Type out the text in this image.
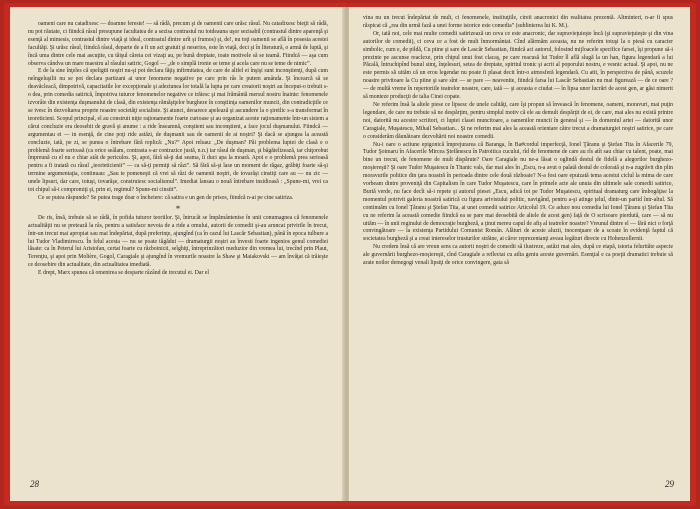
oameni care nu catadixesc — doamne fereste! — să râdă, precum şi de oamenii care urăsc râsul. Nu catadixesc bieţii să râdă, nu pot răutate, ci fiindcă râsul presupune facultatea de a sezisa contrastul nu totdeauna uşor sezisabil (contrastul dintre aparenţă şi esenţă al mimesis, contrastul dintre viaţă şi ideal, contrastul dintre urît şi frumos) şi, de!, nu toţi oamenii se află în posesia acestei facultăţi. Şi urăsc râsul, fiindcă râsul, departe de a fi un act gratuit şi neserios, este în viaţă, deci şi în literatură, o armă de luptă, şi încă uma dintre cele mai ascuţite, cu tăişul căreia cei vizaţi au, pe bună dreptate, toate motivele să se teamă. Fiindcă — aşa cum observa cândva un mare maestru al râsului satiric, Gogol — „de o simplă ironie se teme şi acela care nu se teme de nimic”.

E de la sine înţeles că speligtii noştri nu-şi pot declara făţiş infirmitatea, de care de altfel ei înşişi sunt inconştienţi, după cum neîngeluşilii nu se pot declara partizani ai unor fenomene negative pe care prin râs le putem amânda. Şi încearcă să se deavăcleacă, dimpotrivă, capacitatile lor excepţionale şi adeziunea lor totală la lupta pe care creatorii noştri au început-o trebuit s-o dea, prin comedia satirică, împotriva tuturor fenomenelor negative ce trăiesc şi mai frământă mersul nostru înainte: fenomenele izvorâte din existenţa duşmanului de clasă, din existenţa rămăşiţelor burgheze în conştiinţa oamenilor muncii, din contradicţiile ce se ivesc în dezvoltarea proprie noastre societăţi socialiste. Şi atunci, deoarece apelează şi ascundere la o şiretlic s-a transformat în teoreticieni. Scopul principal, el au construit niţte raţionamente foarte curioase şi au organizat aceste raţionamente într-un sistem a cărui concluzie era deosebit de gravă şi anume : a ride înseamnă, conştient sau inconştient, a face jocul duşmanului. Fiindcă — argumentau ei — in esenţă, de cine poţi ride astăzi, de duşmanii sau de oamenii de ai noştri? Şi dacă se ajungea la această concluzie, iată, pe zi, se punea o întrebare fără replică: „Nu?” Apoi reluau: „De duşman? Păi problema luptei de clasă e o problemă foarte serioasă (ca orice seâlam, contrasta s-ar contrazice justă, n.n.) iar râsul de duşman, şi băgătelizează, iar chiţorobut împreună cu el nu e chiar atât de periculos. Şi, apoi, fără să-ţi dai seama, îi duci apa la moară. Apoi e o problemă prea serioasă pentru a fi tratată cu râsul „teorieticienii” — ca să-ţi permiţi să râzi”. Să fără să-şi lase un moment de răgaz, grăbiţi foarte să-şi termine argumentaţia, continuau: „Sau te pomeneşti că vrei să râzi de oamenii noştri, de tovarăşi cinstiţi care au — nu zic — unele lipsuri, dar care, totuşi, tovarăşe, construiesc socialismul”. Imediat lansau o nouă întrebare insidioasă : „Spune-mi, vrei ca tot chipul să-i compromiţi şi, prin ei, regimul? Spune-mi cinstit”.

Ce se putea răspunde? Se putea trage doar o încheiere: că satira e un gen de prisos, fiindcă n-ai pe cine satiriza.

*

De ris, însă, trebuie să se râdă, în pofida tuturor teoriilor. Şi, întrucât se împământenise în unii conumagnea că fenomenele actualităţii nu se pretează la râs, pentru a satisface nevoia de a ride a omului, autorii de comedii şi-au aruncat privirile în trecut, într-un trecut mai apropiat sau mai îndepărtat, după preferinţe, ajungînd (ca în cazul lui Lascăr Sebastian), până în epoca tulbure a lui Tudor Vladimirescu. În felul acesta — nu se poate tăgădui — dramaturgii noştri au învesti foarte ingenios genul comediei lăsate: ca în Peterul lui Aristofan, certat foarte cu războinicii, seîghiţi, întreprinzători meduzior din vremea lui, trecînd prin Plaut, Terenţiu, şi apoi prin Molière, Gogol, Caragiale şi ajungînd în vremurile noastre la Shaw şi Maiakovski — am învăţat că trăieşte ce deosebire din actualitate, din actualitatea imediată.

E drept, Marx spunea că omenirea se desparte râzând de trecutul ei. Dar el

28

vina nu un trecut îndepărtat de mult, ci fenomenele, instituţiile, cireii anacronici din realitatea prezentă. Altminteri, n-ar fi spus răspicat că „rea din urmă fază a unei forme istorice este comedia” (sublinierea lui K. M.).

Or, iată noi, cele mai multe comedii satirizează un ceva ce este anacronic, dar supravieţuieşte încă (şi supravieţuieşte şi din vina autorilor de comedii), ci ceva ce a fost de mult înmormântat. Cînd alărmăm aceasta, nu ne referim totuşi la o piesă cu caracter simbolic, cum e, de pildă, Cu piine şi sare de Lascăr Sebastian, fiindcă aci autorul, folosind mijloacele specifice farsei, îşi propune să-i prezinte pe ascunse reaclexe, prin chipul unui fost clacaş, pe care reacusă lui Tudor îl află slugă la un han, figura legendară a lui Păcală, întruchipînd bunul simţ, înţelesuri, setea de dreptate, spiritul tronic şi acrit al poporului nostru, e vesnic actual. Şi apoi, nu ne este permis să uităm că un erou legendar nu poate fi plasat decit într-o atmosferă legendară. Cu atit, în perspectiva de până, scuzele noastre privitoare la Cu piine şi sare sînt — se pare — neavenite, fiindcă farsa lui Lascăr Sebastian nu mai figurează — de ce oare ? — de multă vreme în repertoriile teatrelor noastre, care, iată — şi aceasta e ciudat — în lipsa unor lucrări de acest gen, ar găsi nimerit să monteze producţii de talia Cinei copate.

Ne referim însă la altele piese ce lipsesc de unele calităţi, care îşi propun să învească în fenomene, oameni, moravuri, mai puţin legendare, de care nu trebuie să ne despărţim, pentru simplul motiv că ele au demult despărţit de ei, de care, mai ales nu există printre noi, datorită nu acestor scriitori, ci luptei clasei muncitoare, a oamenilor muncii în general şi — în domeniul artei — datorită unor Caragiale, Muşatescu, Mihail Sebastian... Şi ne referim mai ales la această orientare către trecut a dramaturgiei noştri satirice, pe care o considerăm dăunătoare dezvoltării noi noastre comedii.

Nu-i oare o actiune epigonică împrejurarea că Baranga, în Ba#cordul imperfecţă, Ionel Ţăranu şi Ştefan Tita în Afacerile 79, Tudor Şoimaru în Afacerile Mircea Ştefănescu în Patroitica cucului, rîd de fenomene de care au rîs atît sau chiar cu talent, poate, mai bine un trecut, de fenomene de mult dispărute? Oare Caragiale nu ne-a lăsat o oglindă destul de fidelă a alegorilor burghezo-moşiereşti? Şi oare Tudor Muşatescu în Titanic vals, dar mai ales în „Escu, n-a avut o palată destul de colorată şi n-a zugrăvit din plin moravurile politice din ţara noastră în perioada dintre cele două războaie? N-a fost oare epuizată tema acestui ciclul la mima de care vorbeam dintre proveniţă din Capitalism în care Tudor Muşatescu, care în primele acte ale unuia din ultimele sale comedii satirice, Burtă verde, nu face decît să-i repete şi autorul piesei „Escu, adică tot pe Tudor Muşatescu, spiritual dramaturg care îmbogăţise la momentul potrivit galeria noastră satirică cu figura arivistului politic, navigând, pentru a-şi atinge ţelul, dintr-un partid într-altul. Să continuăm cu Ionel Ţăranu şi Ştefan Tita, ai unei comedii satirice Articolul 19. Ce aduce nou comedia lui Ionel Ţăranu şi Ştefan Tita cu ne referim la această comedie fiindcă ea se pare mai deosebită de altele de acest gen) faţă de O scrisoare pierdută, care — să nu uităm — în unii reginului de democraţie burgheză, a ţinut mereu capul de afiş al teatrelor noastre? Vreunul dintre el — fără nici o forţă convingătoare — la existenţa Partidului Comunist Român. Alături de aceste aluzii, inocenţuare de a scoate în evidenţă faptul că societatea burgheză şi a creat intereselor trusturilor străine, ai căror reprezentanţi aveau legături directe cu Hohenzollernii.

Nu credem însă că are vreun sens ca autorii noştri de comedii să ilustreze, astăzi mai ales, după ce etapă, istoria felurităte aspecte ale guvernării burghezo-moşiereşti, cînd Caragiale a reflectat cu atîta geniu aceste guvernări. Esenţial e ca poeţii dramatici trebuie să arate noilor demegogi venali lipsiţi de orice convingere, gata să

29
